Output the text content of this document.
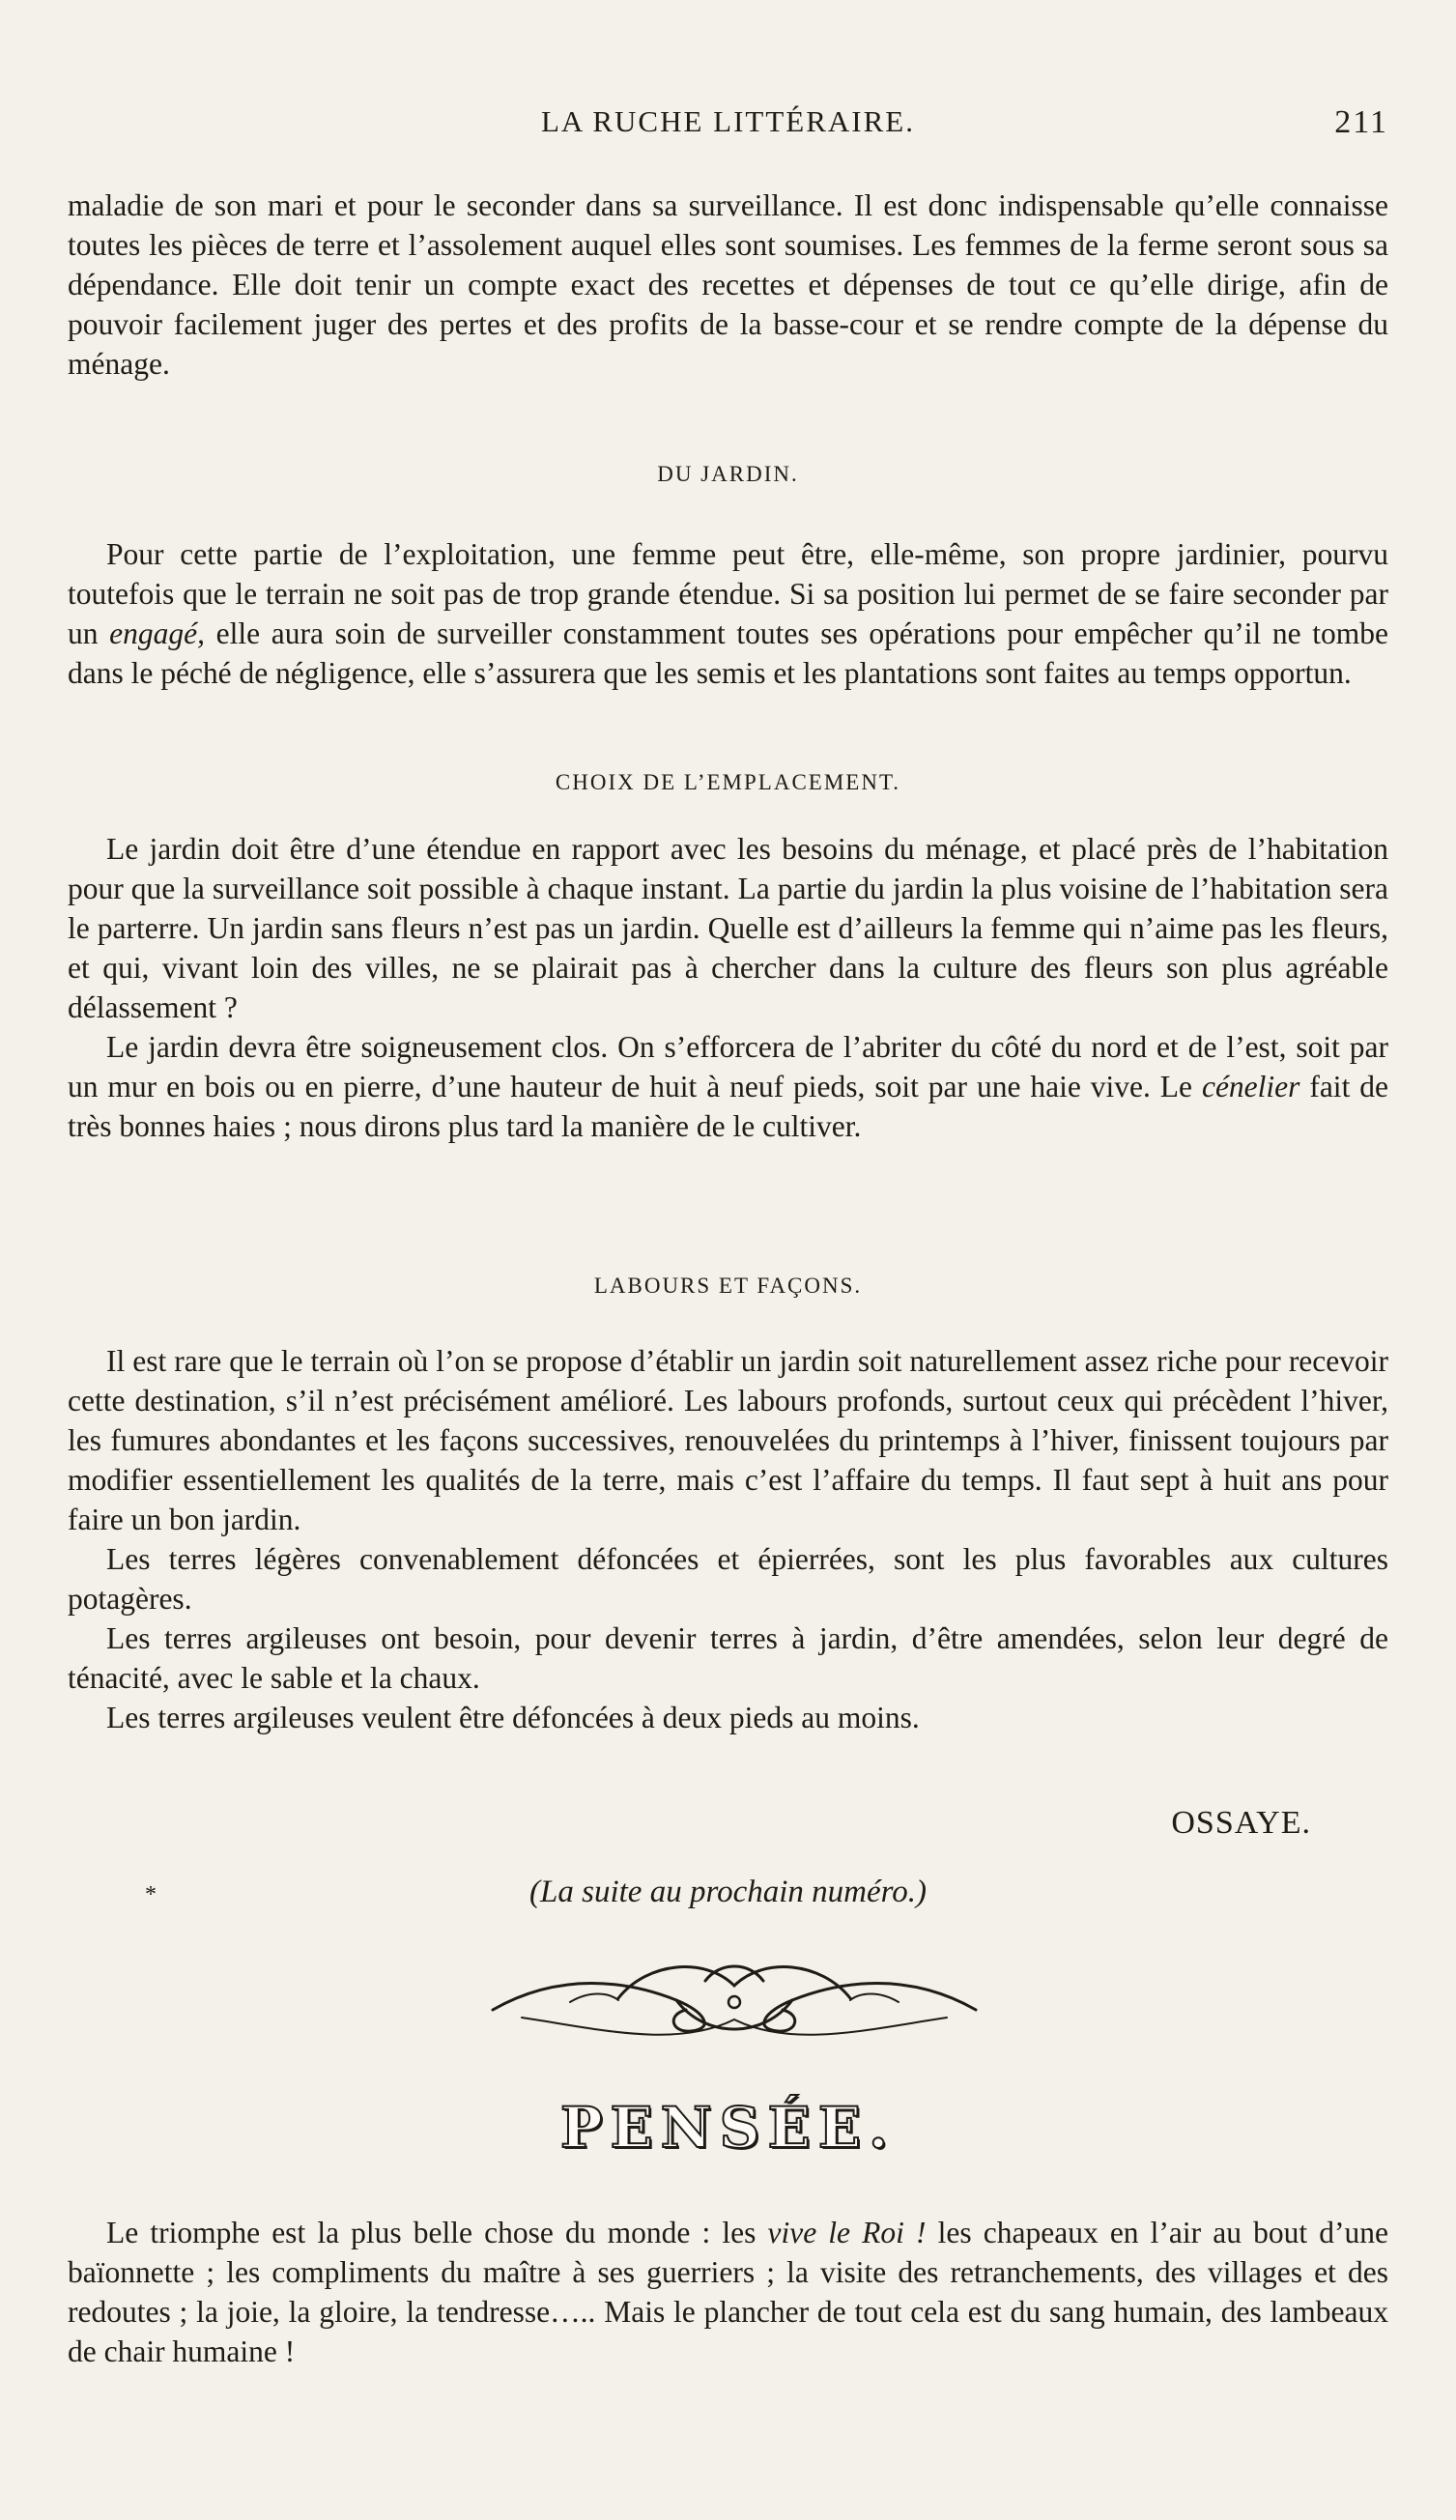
LA RUCHE LITTÉRAIRE.	211

maladie de son mari et pour le seconder dans sa surveillance. Il est donc indispensable qu’elle connaisse toutes les pièces de terre et l’assolement auquel elles sont soumises. Les femmes de la ferme seront sous sa dépendance. Elle doit tenir un compte exact des recettes et dépenses de tout ce qu’elle dirige, afin de pouvoir facilement juger des pertes et des profits de la basse-cour et se rendre compte de la dépense du ménage.

DU JARDIN.

Pour cette partie de l’exploitation, une femme peut être, elle-même, son propre jardinier, pourvu toutefois que le terrain ne soit pas de trop grande étendue. Si sa position lui permet de se faire seconder par un engagé, elle aura soin de surveiller constamment toutes ses opérations pour empêcher qu’il ne tombe dans le péché de négligence, elle s’assurera que les semis et les plantations sont faites au temps opportun.

CHOIX DE L’EMPLACEMENT.

Le jardin doit être d’une étendue en rapport avec les besoins du ménage, et placé près de l’habitation pour que la surveillance soit possible à chaque instant. La partie du jardin la plus voisine de l’habitation sera le parterre. Un jardin sans fleurs n’est pas un jardin. Quelle est d’ailleurs la femme qui n’aime pas les fleurs, et qui, vivant loin des villes, ne se plairait pas à chercher dans la culture des fleurs son plus agréable délassement ?

Le jardin devra être soigneusement clos. On s’efforcera de l’abriter du côté du nord et de l’est, soit par un mur en bois ou en pierre, d’une hauteur de huit à neuf pieds, soit par une haie vive. Le cénelier fait de très bonnes haies ; nous dirons plus tard la manière de le cultiver.

LABOURS ET FAÇONS.

Il est rare que le terrain où l’on se propose d’établir un jardin soit naturellement assez riche pour recevoir cette destination, s’il n’est précisément amélioré. Les labours profonds, surtout ceux qui précèdent l’hiver, les fumures abondantes et les façons successives, renouvelées du printemps à l’hiver, finissent toujours par modifier essentiellement les qualités de la terre, mais c’est l’affaire du temps. Il faut sept à huit ans pour faire un bon jardin.

Les terres légères convenablement défoncées et épierrées, sont les plus favorables aux cultures potagères.

Les terres argileuses ont besoin, pour devenir terres à jardin, d’être amendées, selon leur degré de ténacité, avec le sable et la chaux.

Les terres argileuses veulent être défoncées à deux pieds au moins.

OSSAYE.
*	(La suite au prochain numéro.)
PENSÉE.

Le triomphe est la plus belle chose du monde : les vive le Roi ! les chapeaux en l’air au bout d’une baïonnette ; les compliments du maître à ses guerriers ; la visite des retranchements, des villages et des redoutes ; la joie, la gloire, la tendresse….. Mais le plancher de tout cela est du sang humain, des lambeaux de chair humaine !
